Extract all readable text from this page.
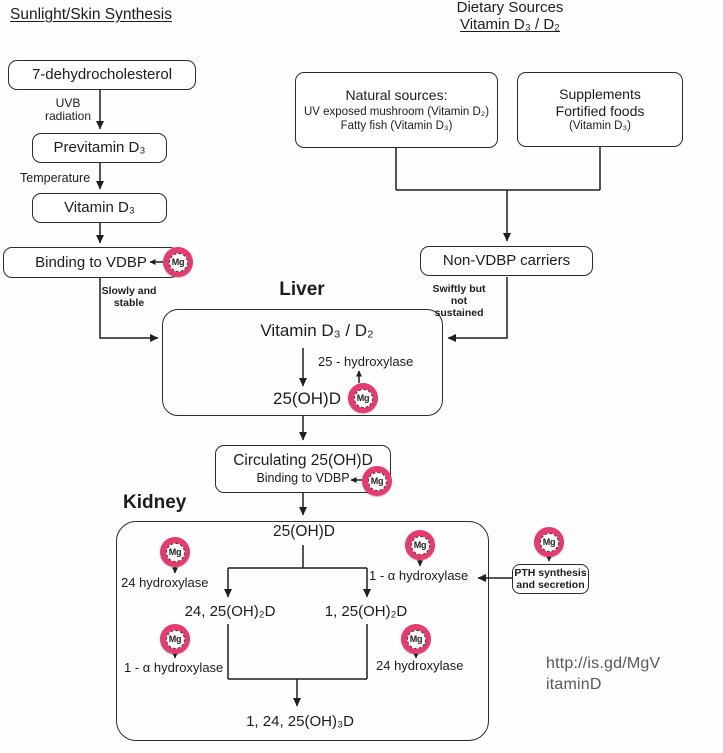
Sunlight/Skin Synthesis	Dietary Sources
Vitamin D₃ / D₂
7-dehydrocholesterol
UVB
radiation
Previtamin D₃
Temperature
Vitamin D₃
Binding to VDBP
Slowly and
stable
Natural sources:
UV exposed mushroom (Vitamin D₂)
Fatty fish (Vitamin D₃)
Supplements
Fortified foods
(Vitamin D₃)
Non-VDBP carriers
Swiftly but not
sustained
Liver
Vitamin D₃ / D₂
25 - hydroxylase
25(OH)D
Circulating 25(OH)D
Binding to VDBP
Kidney
25(OH)D
24 hydroxylase	1 - α hydroxylase
24, 25(OH)₂D	1, 25(OH)₂D
1 - α hydroxylase	24 hydroxylase
1, 24, 25(OH)₃D
PTH synthesis
and secretion
Mg
Mg
Mg
Mg
Mg	Mg
Mg	Mg
http://is.gd/MgV
itaminD
